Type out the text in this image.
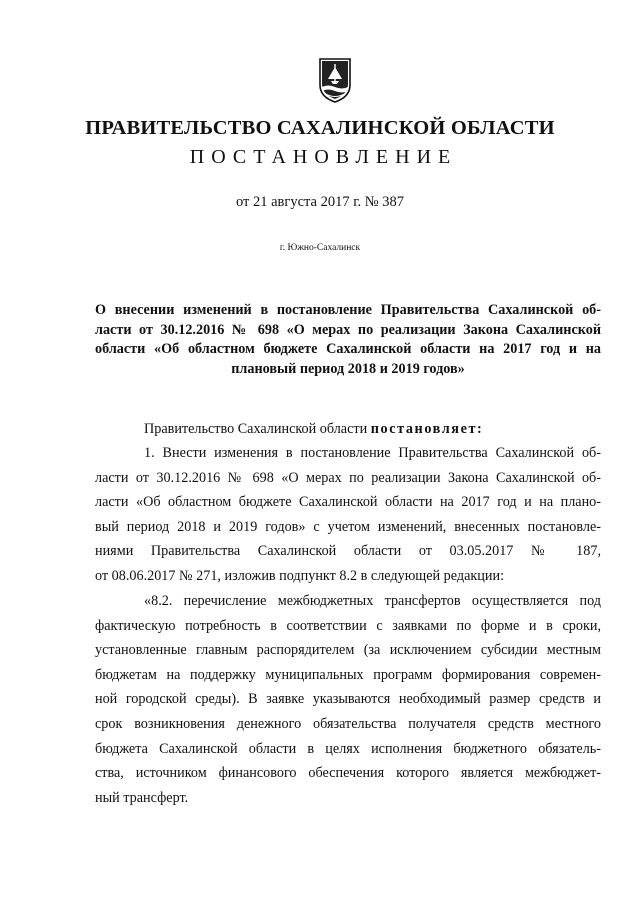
ПРАВИТЕЛЬСТВО САХАЛИНСКОЙ ОБЛАСТИ
ПОСТАНОВЛЕНИЕ
от 21 августа 2017 г. № 387
г. Южно-Сахалинск
О внесении изменений в постановление Правительства Сахалинской об-
ласти от 30.12.2016 № 698 «О мерах по реализации Закона Сахалинской
области «Об областном бюджете Сахалинской области на 2017 год и на
плановый период 2018 и 2019 годов»
Правительство Сахалинской области постановляет:
1. Внести изменения в постановление Правительства Сахалинской об-
ласти от 30.12.2016 № 698 «О мерах по реализации Закона Сахалинской об-
ласти «Об областном бюджете Сахалинской области на 2017 год и на плано-
вый период 2018 и 2019 годов» с учетом изменений, внесенных постановле-
ниями Правительства Сахалинской области от 03.05.2017 № 187,
от 08.06.2017 № 271, изложив подпункт 8.2 в следующей редакции:
«8.2. перечисление межбюджетных трансфертов осуществляется под
фактическую потребность в соответствии с заявками по форме и в сроки,
установленные главным распорядителем (за исключением субсидии местным
бюджетам на поддержку муниципальных программ формирования современ-
ной городской среды). В заявке указываются необходимый размер средств и
срок возникновения денежного обязательства получателя средств местного
бюджета Сахалинской области в целях исполнения бюджетного обязатель-
ства, источником финансового обеспечения которого является межбюджет-
ный трансферт.
